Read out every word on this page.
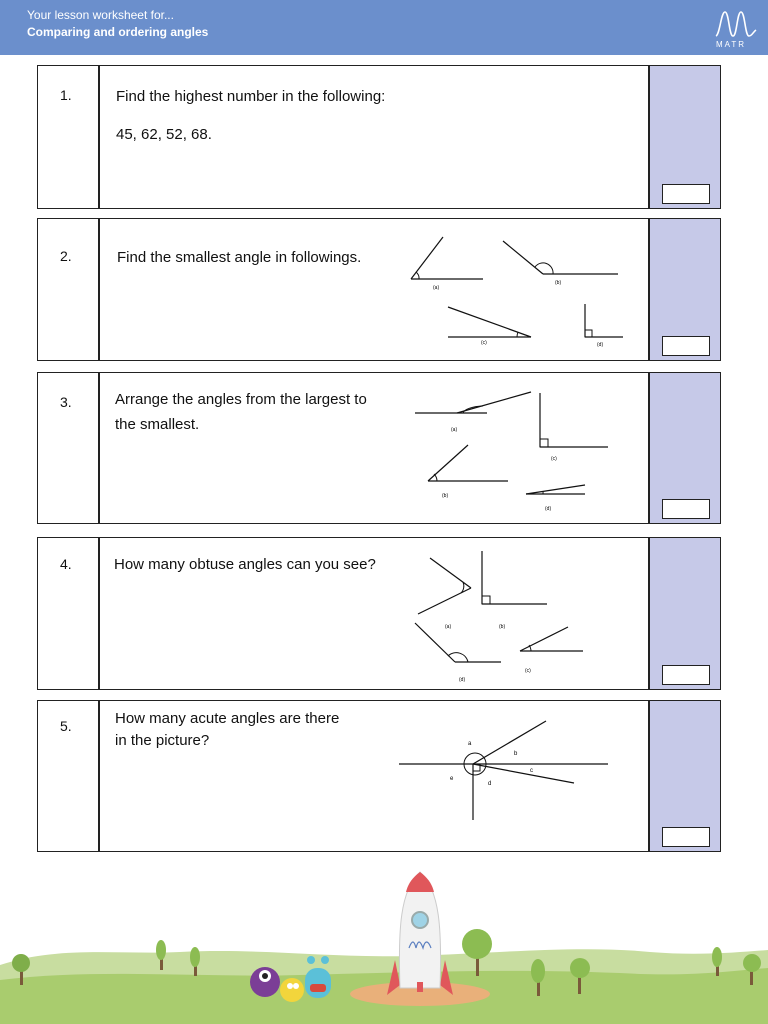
Your lesson worksheet for...
Comparing and ordering angles
MATR
1.	Find the highest number in the following:
45, 62, 52, 68.
2.	Find the smallest angle in followings.
(a)
(b)
(c)	(d)
3.	Arrange the angles from the largest to
the smallest.	(a)
(c)
(b)
(d)
4.	How many obtuse angles can you see?
(a)	(b)
(c)
(d)
5.	How many acute angles are there
in the picture?	a
b
c
d
e
